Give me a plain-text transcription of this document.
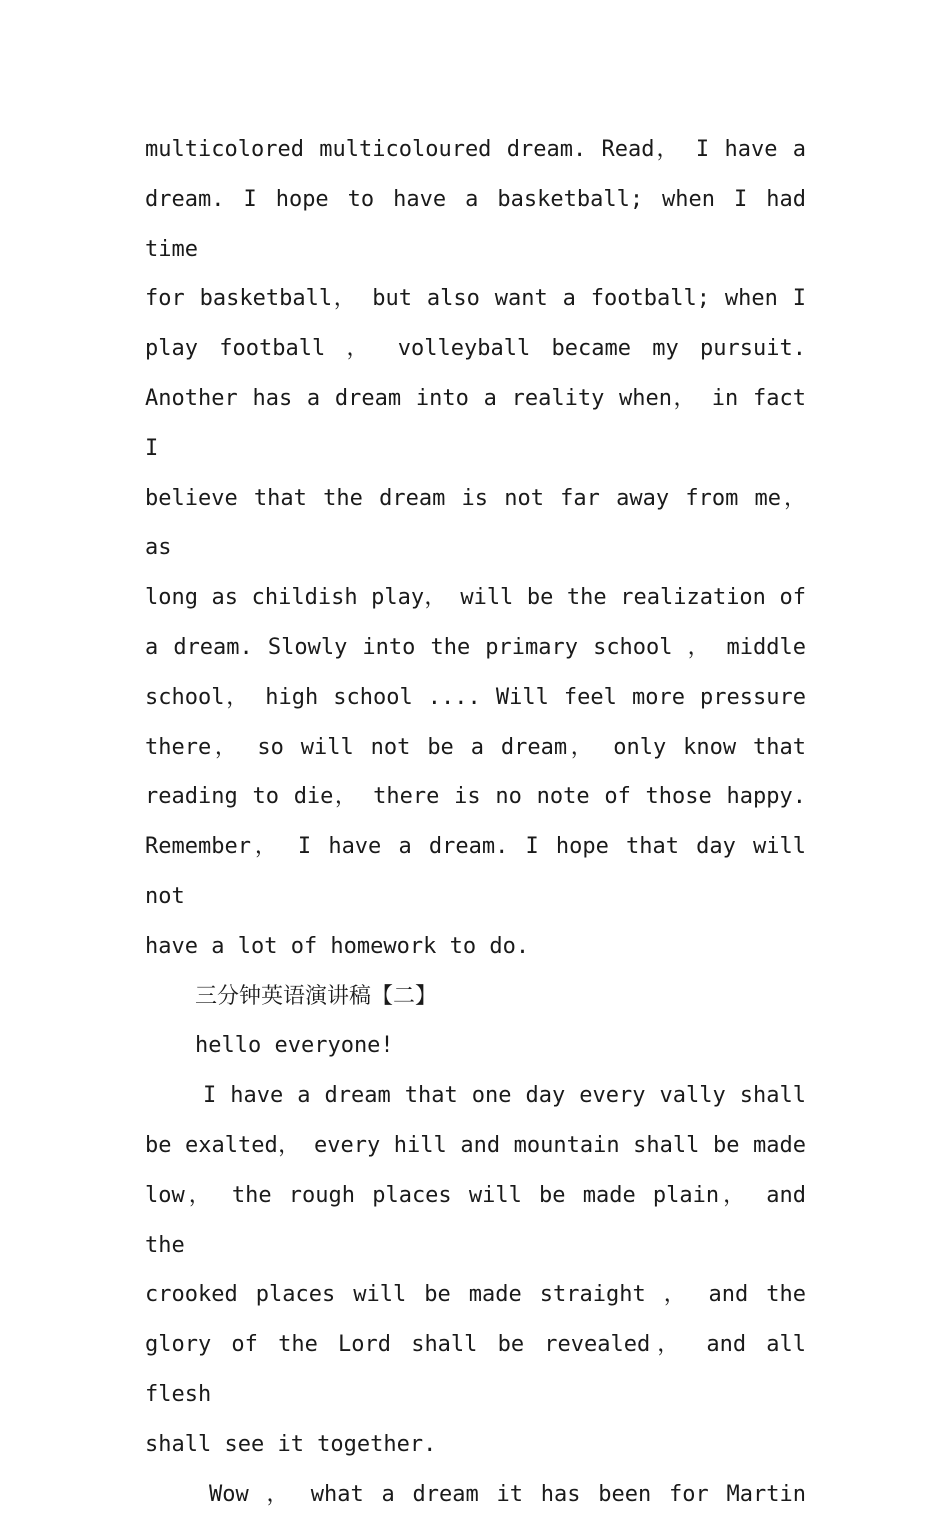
multicolored multicoloured dream. Read， I have a

dream. I hope to have a basketball; when I had time

for basketball， but also want a football; when I

play football ， volleyball became my pursuit.

Another has a dream into a reality when， in fact I

believe that the dream is not far away from me， as

long as childish play， will be the realization of

a dream. Slowly into the primary school ， middle

school， high school .... Will feel more pressure

there， so will not be a dream， only know that

reading to die， there is no note of those happy.

Remember， I have a dream. I hope that day will not

have a lot of homework to do.

三分钟英语演讲稿【二】

hello everyone!

I have a dream that one day every vally shall

be exalted， every hill and mountain shall be made

low， the rough places will be made plain， and the

crooked places will be made straight ， and the

glory of the Lord shall be revealed， and all flesh

shall see it together.

Wow ， what a dream it has been for Martin
